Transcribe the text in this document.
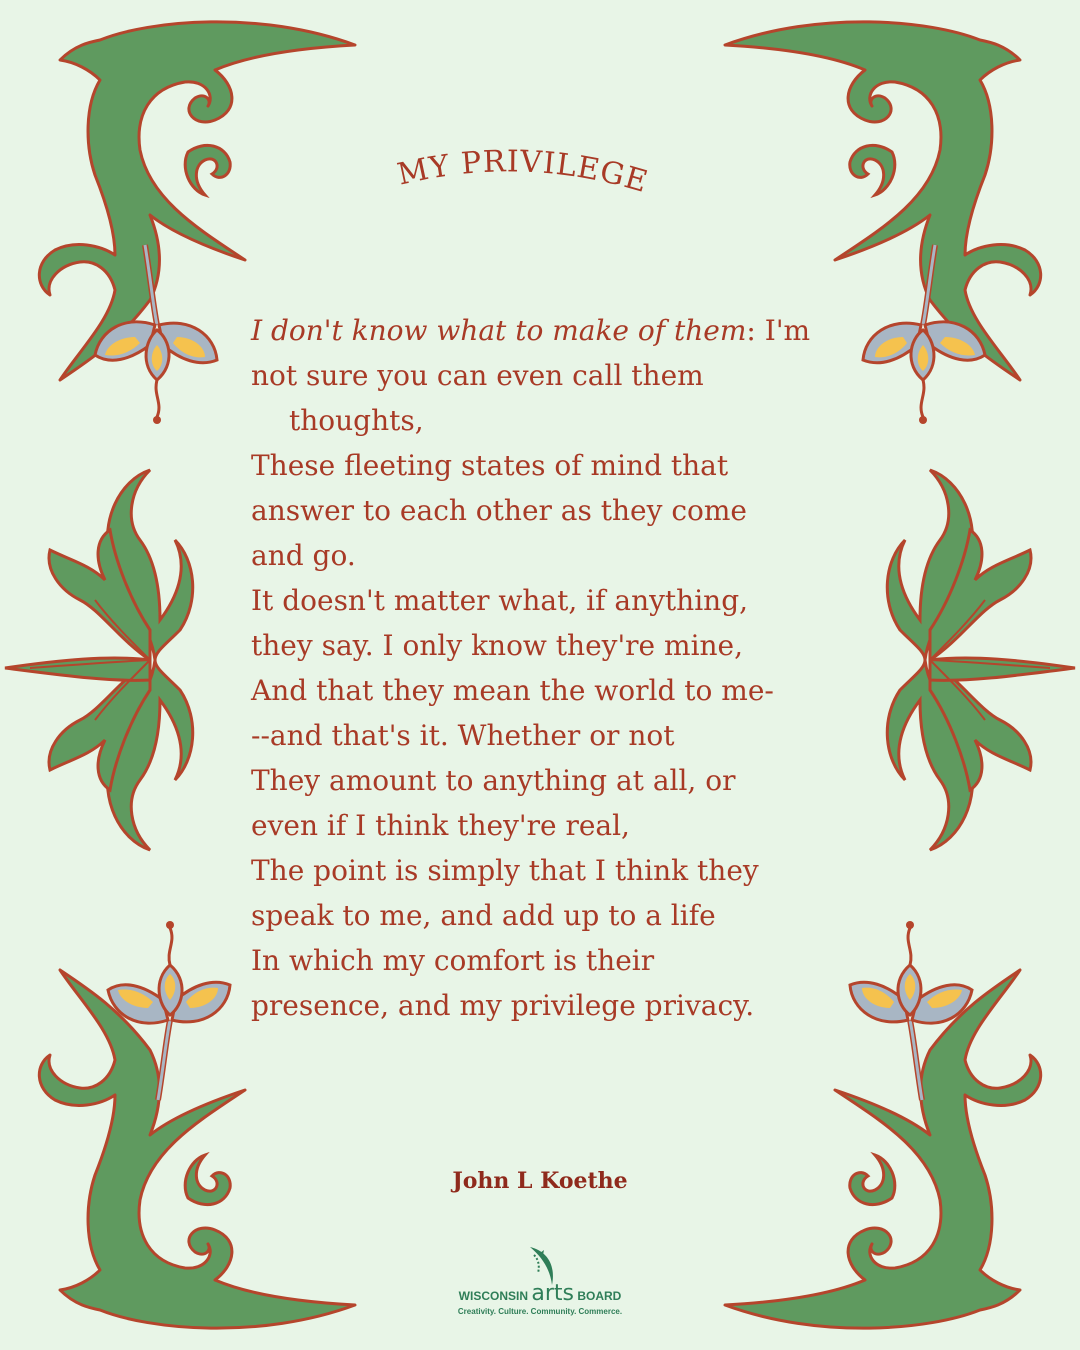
MY PRIVILEGE
I don't know what to make of them: I'm
not sure you can even call them
thoughts,
These fleeting states of mind that
answer to each other as they come
and go.
It doesn't matter what, if anything,
they say. I only know they're mine,
And that they mean the world to me-
--and that's it. Whether or not
They amount to anything at all, or
even if I think they're real,
The point is simply that I think they
speak to me, and add up to a life
In which my comfort is their
presence, and my privilege privacy.
John L Koethe
WISCONSIN arts BOARD
Creativity. Culture. Community. Commerce.
